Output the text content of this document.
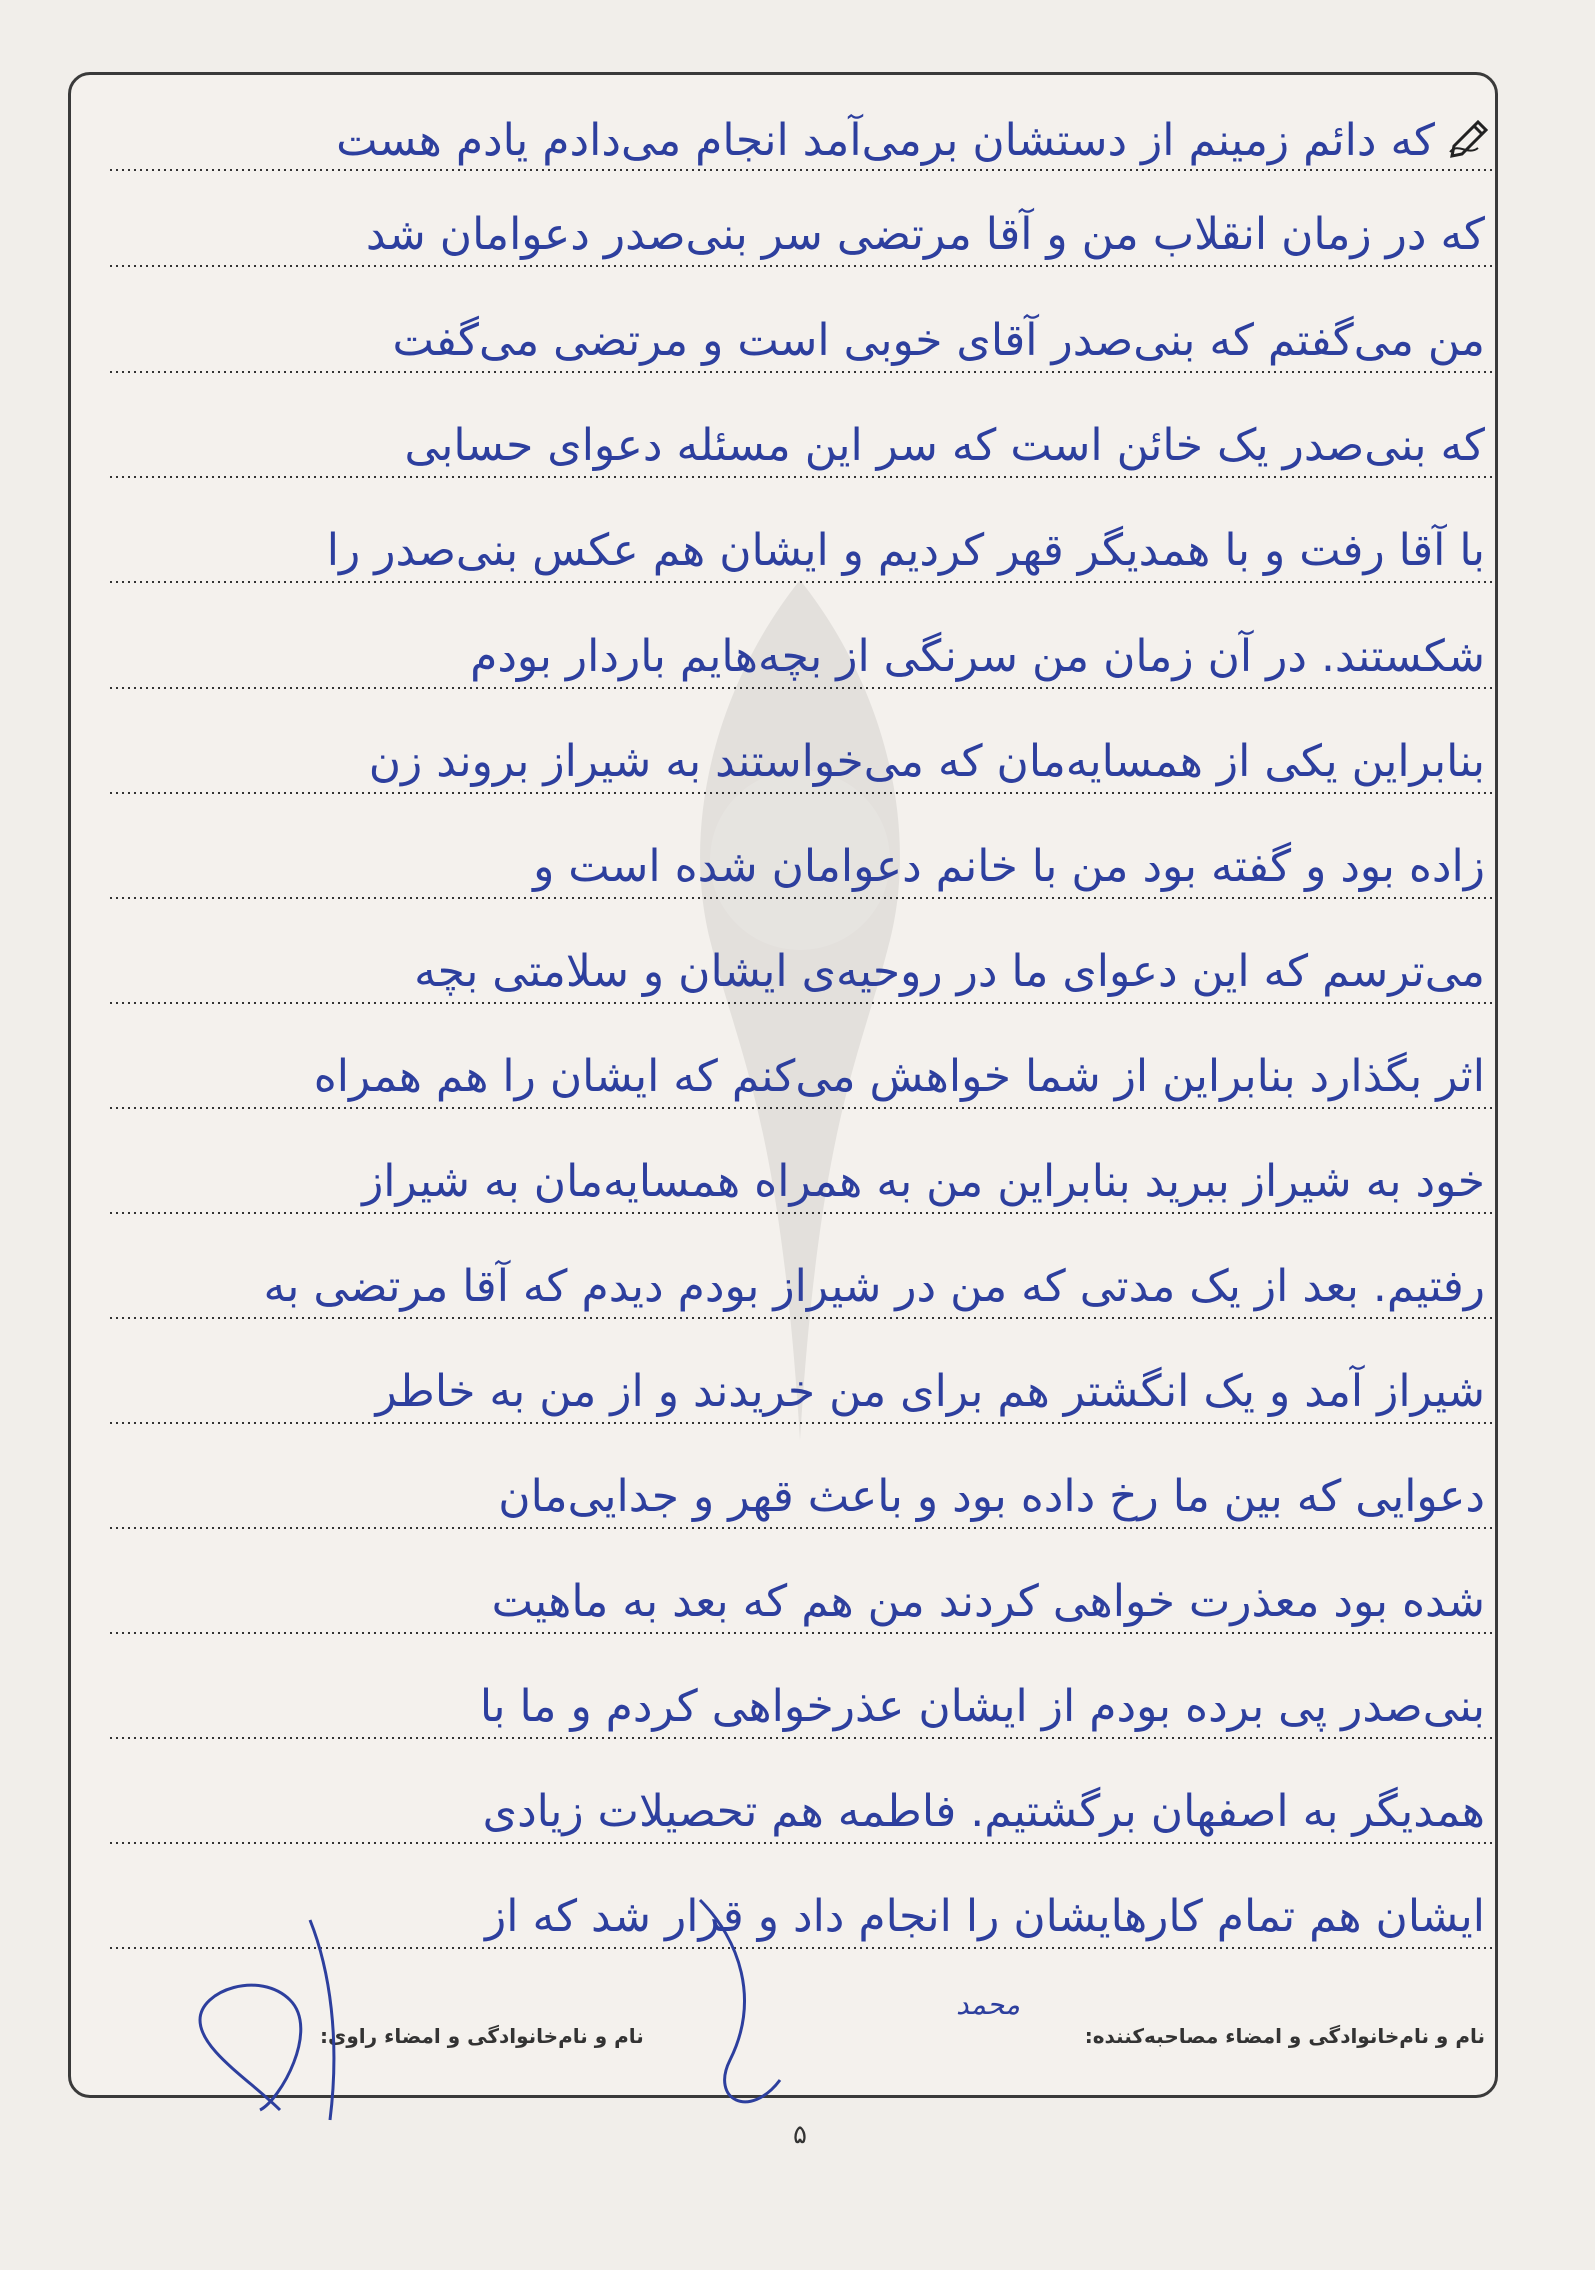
که دائم زمینم از دستشان برمی‌آمد انجام می‌دادم یادم هست
که در زمان انقلاب من و آقا مرتضی سر بنی‌صدر دعوامان شد
من می‌گفتم که بنی‌صدر آقای خوبی است و مرتضی می‌گفت
که بنی‌صدر یک خائن است که سر این مسئله دعوای حسابی
با آقا رفت و با همدیگر قهر کردیم و ایشان هم عکس بنی‌صدر را
شکستند. در آن زمان من سرنگی از بچه‌هایم باردار بودم
بنابراین یکی از همسایه‌مان که می‌خواستند به شیراز بروند زن
زاده بود و گفته بود من با خانم دعوامان شده است و
می‌ترسم که این دعوای ما در روحیه‌ی ایشان و سلامتی بچه
اثر بگذارد بنابراین از شما خواهش می‌کنم که ایشان را هم همراه
خود به شیراز ببرید بنابراین من به همراه همسایه‌مان به شیراز
رفتیم. بعد از یک مدتی که من در شیراز بودم دیدم که آقا مرتضی به
شیراز آمد و یک انگشتر هم برای من خریدند و از من به خاطر
دعوایی که بین ما رخ داده بود و باعث قهر و جدایی‌مان
شده بود معذرت خواهی کردند من هم که بعد به ماهیت
بنی‌صدر پی برده بودم از ایشان عذرخواهی کردم و ما با
همدیگر به اصفهان برگشتیم. فاطمه هم تحصیلات زیادی
ایشان هم تمام کارهایشان را انجام داد و قرار شد که از
نام و نام‌خانوادگی و امضاء مصاحبه‌کننده:
نام و نام‌خانوادگی و امضاء راوی:
محمد
۵
